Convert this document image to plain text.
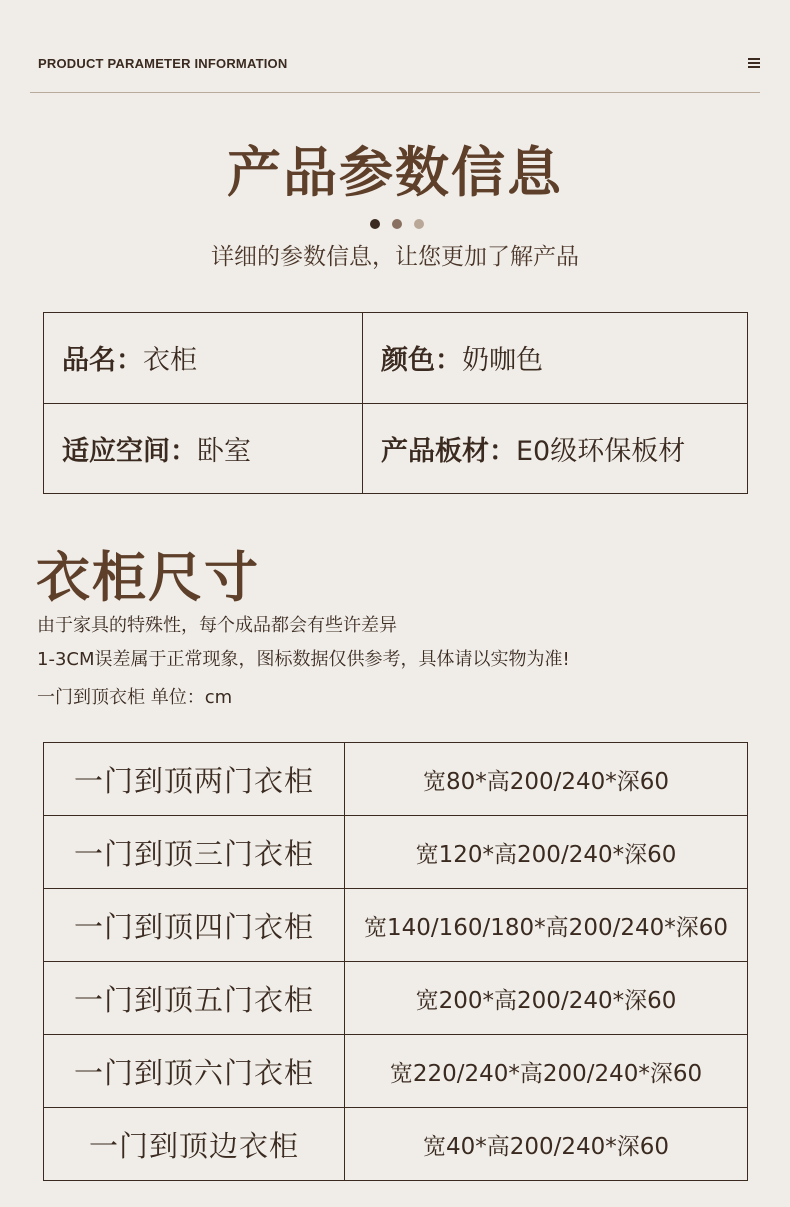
PRODUCT PARAMETER INFORMATION
产品参数信息

详细的参数信息，让您更加了解产品
品名：衣柜	颜色：奶咖色
适应空间：卧室	产品板材：E0级环保板材
衣柜尺寸
由于家具的特殊性，每个成品都会有些许差异
1-3CM误差属于正常现象，图标数据仅供参考，具体请以实物为准!
一门到顶衣柜 单位：cm
一门到顶两门衣柜	宽80*高200/240*深60
一门到顶三门衣柜	宽120*高200/240*深60
一门到顶四门衣柜	宽140/160/180*高200/240*深60
一门到顶五门衣柜	宽200*高200/240*深60
一门到顶六门衣柜	宽220/240*高200/240*深60
一门到顶边衣柜	宽40*高200/240*深60
